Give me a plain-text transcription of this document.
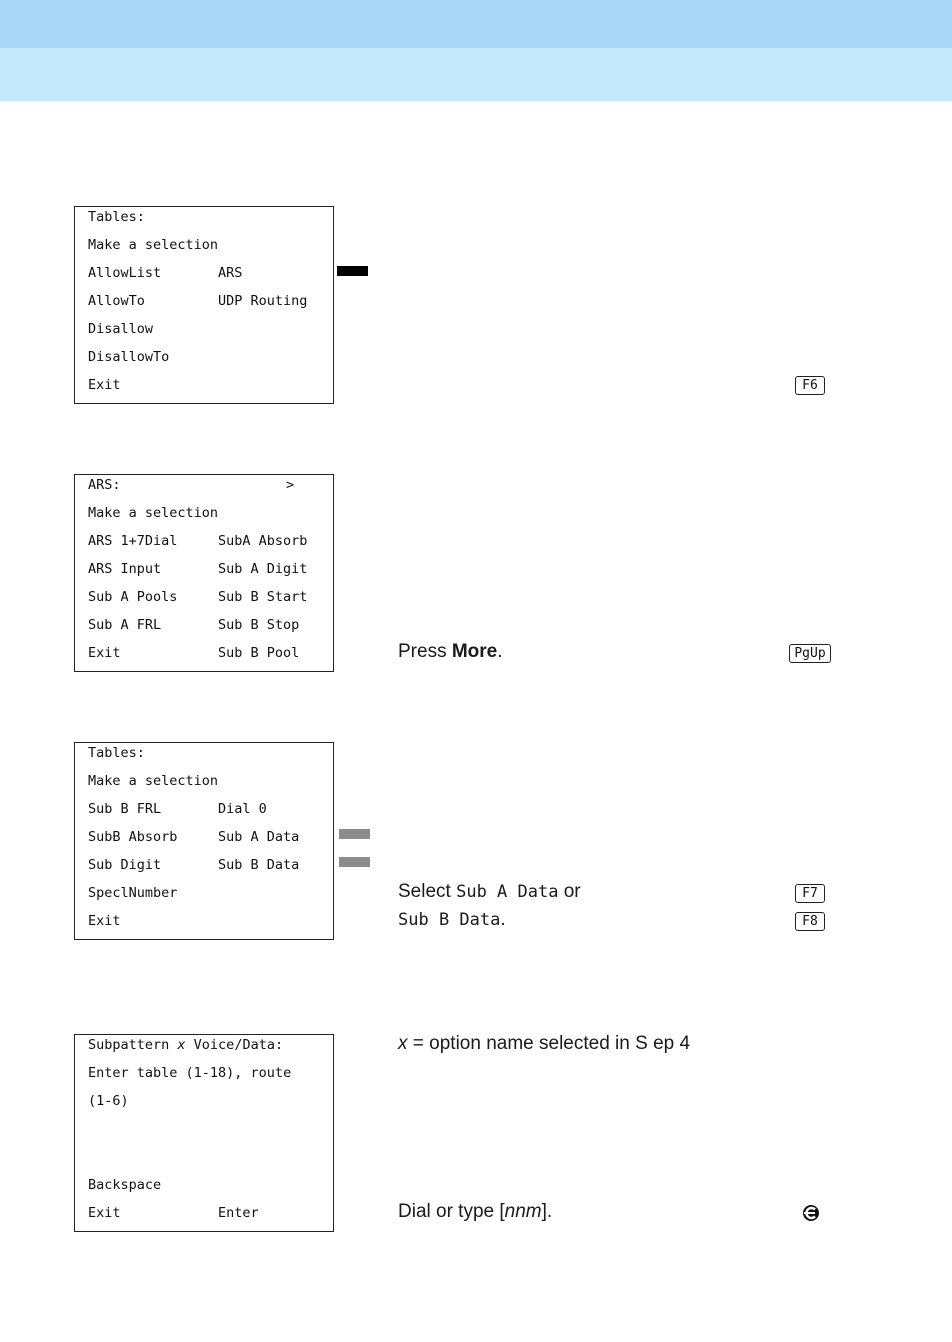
Tables:
Make a selection
AllowList	ARS
AllowTo	UDP Routing
Disallow
DisallowTo
Exit	F6
ARS:	>
Make a selection
ARS 1+7Dial	SubA Absorb
ARS Input	Sub A Digit
Sub A Pools	Sub B Start
Sub A FRL	Sub B Stop
Exit	Sub B Pool	Press More.	PgUp
Tables:
Make a selection
Sub B FRL	Dial 0
SubB Absorb	Sub A Data
Sub Digit	Sub B Data
SpeclNumber
Exit
Select Sub A Data or
Sub B Data.
F7
F8
Subpattern x Voice/Data:
Enter table (1-18), route
(1-6)
Backspace
Exit	Enter
x = option name selected in S ep 4
Dial or type [nnm].
